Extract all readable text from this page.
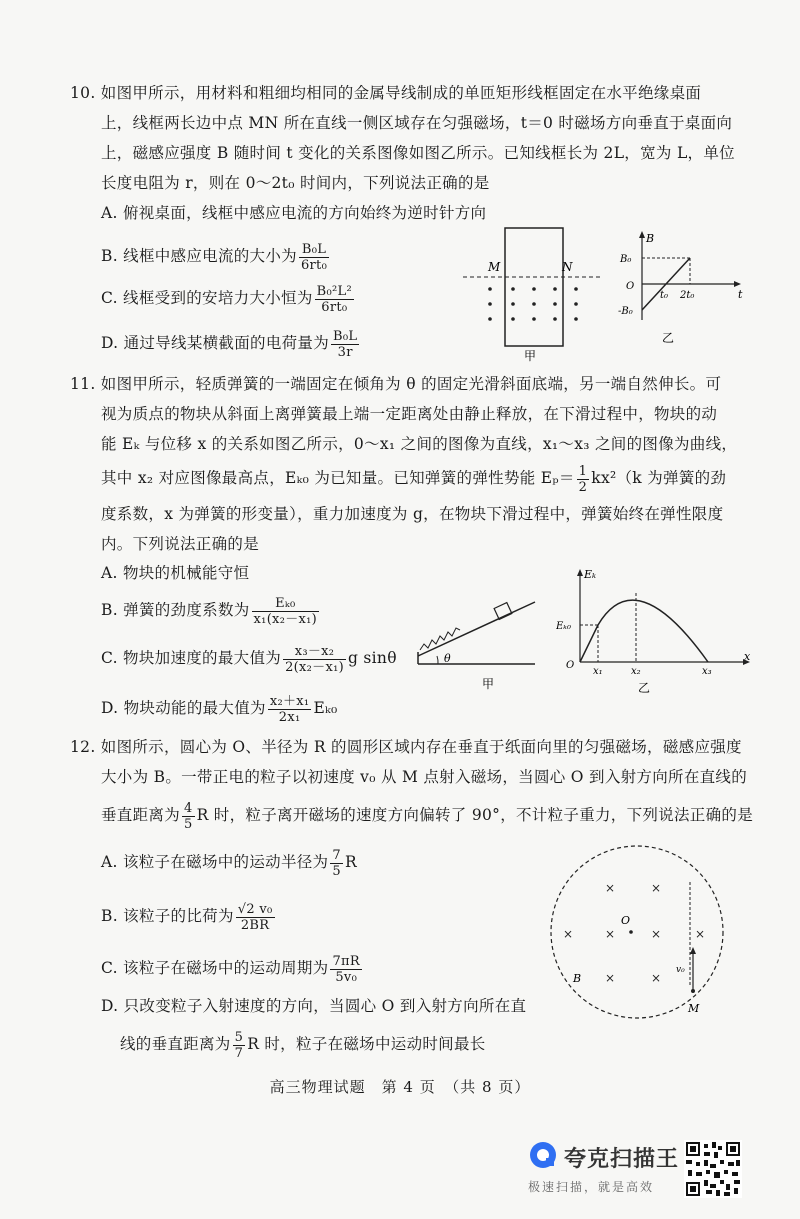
10. 如图甲所示，用材料和粗细均相同的金属导线制成的单匝矩形线框固定在水平绝缘桌面
上，线框两长边中点 MN 所在直线一侧区域存在匀强磁场，t＝0 时磁场方向垂直于桌面向
上，磁感应强度 B 随时间 t 变化的关系图像如图乙所示。已知线框长为 2L，宽为 L，单位
长度电阻为 r，则在 0～2t₀ 时间内，下列说法正确的是
A. 俯视桌面，线框中感应电流的方向始终为逆时针方向
B. 线框中感应电流的大小为 $\frac{\text{B₀L}}{\text{6rt₀}}$
C. 线框受到的安培力大小恒为 $\frac{\text{B₀²L²}}{\text{6rt₀}}$
D. 通过导线某横截面的电荷量为 $\frac{\text{B₀L}}{3r}$
M	N
甲
B
B₀
O
-B₀
t₀ 2t₀	t
乙
11. 如图甲所示，轻质弹簧的一端固定在倾角为 θ 的固定光滑斜面底端，另一端自然伸长。可
视为质点的物块从斜面上离弹簧最上端一定距离处由静止释放，在下滑过程中，物块的动
能 Eₖ 与位移 x 的关系如图乙所示，0～x₁ 之间的图像为直线，x₁～x₃ 之间的图像为曲线，
其中 x₂ 对应图像最高点，Eₖ₀ 为已知量。已知弹簧的弹性势能 $E_p= \frac{1}{2} kx^2(k$ 为弹簧的劲
度系数，x 为弹簧的形变量），重力加速度为 g，在物块下滑过程中，弹簧始终在弹性限度
内。下列说法正确的是
A. 物块的机械能守恒
B. 弹簧的劲度系数为 $\frac{\text{Eₖ₀}}{\text{x₁(x₂－x₁)}}$
C. 物块加速度的最大值为 $\frac{\text{x₃－x₂}}{\text{2(x₂－x₁)}}$ g sinθ
D. 物块动能的最大值为 $\frac{\text{x₂＋x₁}}{\text{2x₁}} E_{k0}$
θ
甲
Eₖ
Eₖ₀
O
x₁	x₂	x₃
x
乙
12. 如图所示，圆心为 O、半径为 R 的圆形区域内存在垂直于纸面向里的匀强磁场，磁感应强度
大小为 B。一带正电的粒子以初速度 v₀ 从 M 点射入磁场，当圆心 O 到入射方向所在直线的
垂直距离为 $\frac{4}{5}$ R 时，粒子离开磁场的速度方向偏转了 90°，不计粒子重力，下列说法正确的是
A. 该粒子在磁场中的运动半径为 $\frac{7}{5}$ R
B. 该粒子的比荷为 $\frac{\text{√2 v₀}}{2BR}$
C. 该粒子在磁场中的运动周期为 $\frac{7\pi R}{\text{5v₀}}$
D. 只改变粒子入射速度的方向，当圆心 O 到入射方向所在直
线的垂直距离为 $\frac{5}{7}$ R 时，粒子在磁场中运动时间最长
×	×
×	×	×	×
×	×
O
v₀
M
B
高三物理试题　第 4 页　（共 8 页）
夸克扫描王
极速扫描，就是高效
